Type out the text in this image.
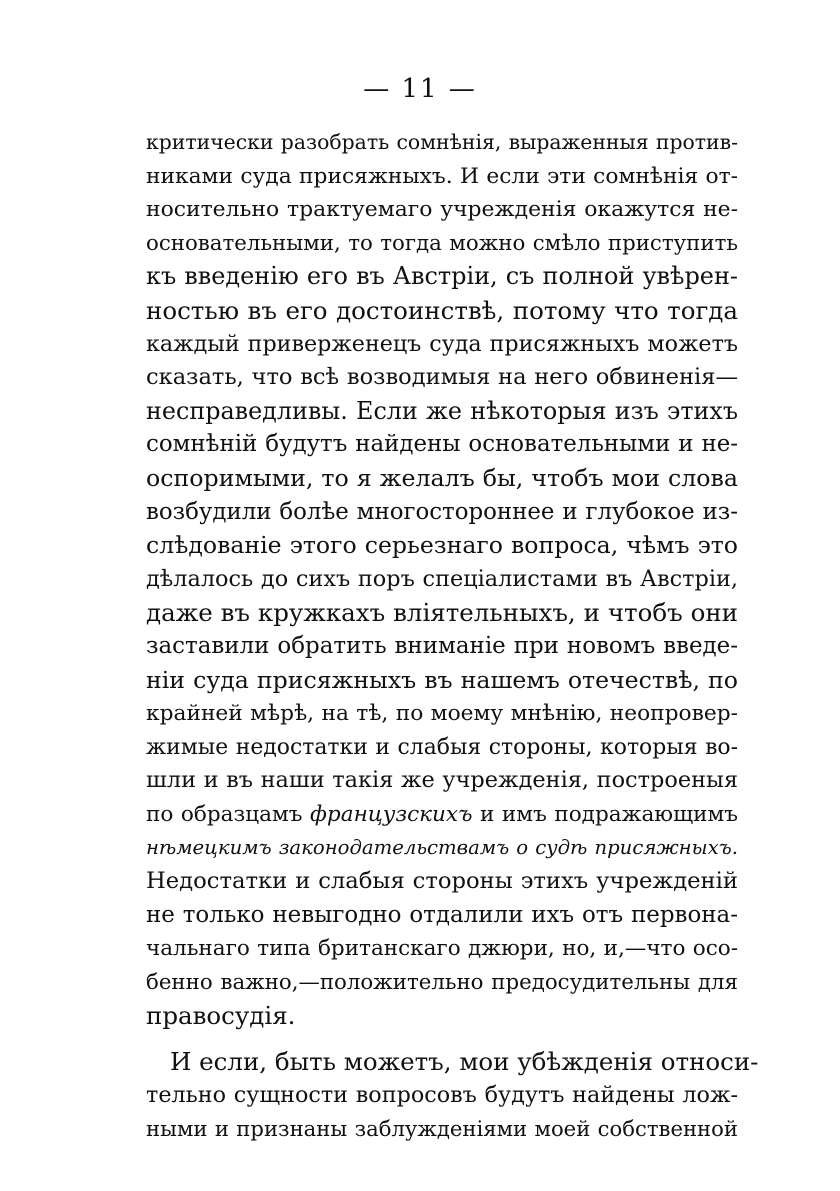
— 11 —
критически разобрать сомнѣнія, выраженныя против-
никами суда присяжныхъ. И если эти сомнѣнія от-
носительно трактуемаго учрежденія окажутся не-
основательными, то тогда можно смѣло приступить
къ введенію его въ Австріи, съ полной увѣрен-
ностью въ его достоинствѣ, потому что тогда
каждый приверженецъ суда присяжныхъ можетъ
сказать, что всѣ возводимыя на него обвиненія—
несправедливы. Если же нѣкоторыя изъ этихъ
сомнѣній будутъ найдены основательными и не-
оспоримыми, то я желалъ бы, чтобъ мои слова
возбудили болѣе многостороннее и глубокое из-
слѣдованіе этого серьезнаго вопроса, чѣмъ это
дѣлалось до сихъ поръ спеціалистами въ Австріи,
даже въ кружкахъ вліятельныхъ, и чтобъ они
заставили обратить вниманіе при новомъ введе-
ніи суда присяжныхъ въ нашемъ отечествѣ, по
крайней мѣрѣ, на тѣ, по моему мнѣнію, неопровер-
жимые недостатки и слабыя стороны, которыя во-
шли и въ наши такія же учрежденія, построеныя
по образцамъ французскихъ и имъ подражающимъ
нѣмецкимъ законодательствамъ о судѣ присяжныхъ.
Недостатки и слабыя стороны этихъ учрежденій
не только невыгодно отдалили ихъ отъ первона-
чальнаго типа британскаго джюри, но, и,—что осо-
бенно важно,—положительно предосудительны для
правосудія.
И если, быть можетъ, мои убѣжденія относи-
тельно сущности вопросовъ будутъ найдены лож-
ными и признаны заблужденіями моей собственной
